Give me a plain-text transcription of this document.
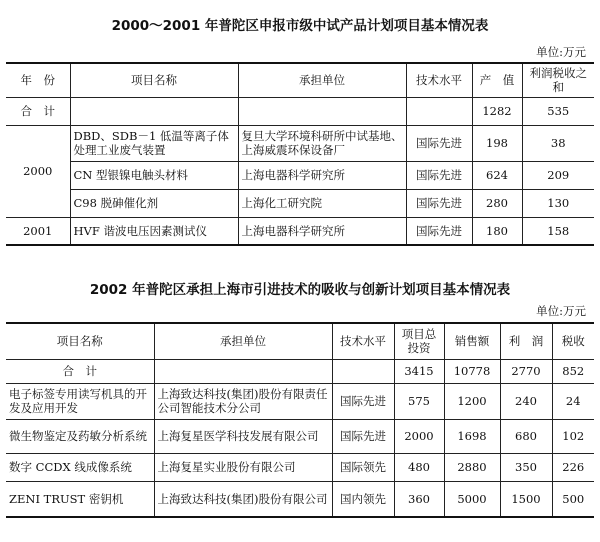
2000～2001 年普陀区申报市级中试产品计划项目基本情况表
单位:万元
年　份	项目名称	承担单位	技术水平	产　值	利润税收之和
合　计				1282	535
2000	DBD、SDB－1 低温等离子体处理工业废气装置	复旦大学环境科研所中试基地、上海威震环保设备厂	国际先进	198	38
	CN 型银镍电触头材料	上海电器科学研究所	国际先进	624	209
	C98 脱砷催化剂	上海化工研究院	国际先进	280	130
2001	HVF 谐波电压因素测试仪	上海电器科学研究所	国际先进	180	158
2002 年普陀区承担上海市引进技术的吸收与创新计划项目基本情况表
单位:万元
项目名称	承担单位	技术水平	项目总投资	销售额	利　润	税收
合　计			3415	10778	2770	852
电子标签专用读写机具的开发及应用开发	上海致达科技(集团)股份有限责任公司智能技术分公司	国际先进	575	1200	240	24
微生物鉴定及药敏分析系统	上海复星医学科技发展有限公司	国际先进	2000	1698	680	102
数字 CCDX 线成像系统	上海复星实业股份有限公司	国际领先	480	2880	350	226
ZENI TRUST 密钥机	上海致达科技(集团)股份有限公司	国内领先	360	5000	1500	500
